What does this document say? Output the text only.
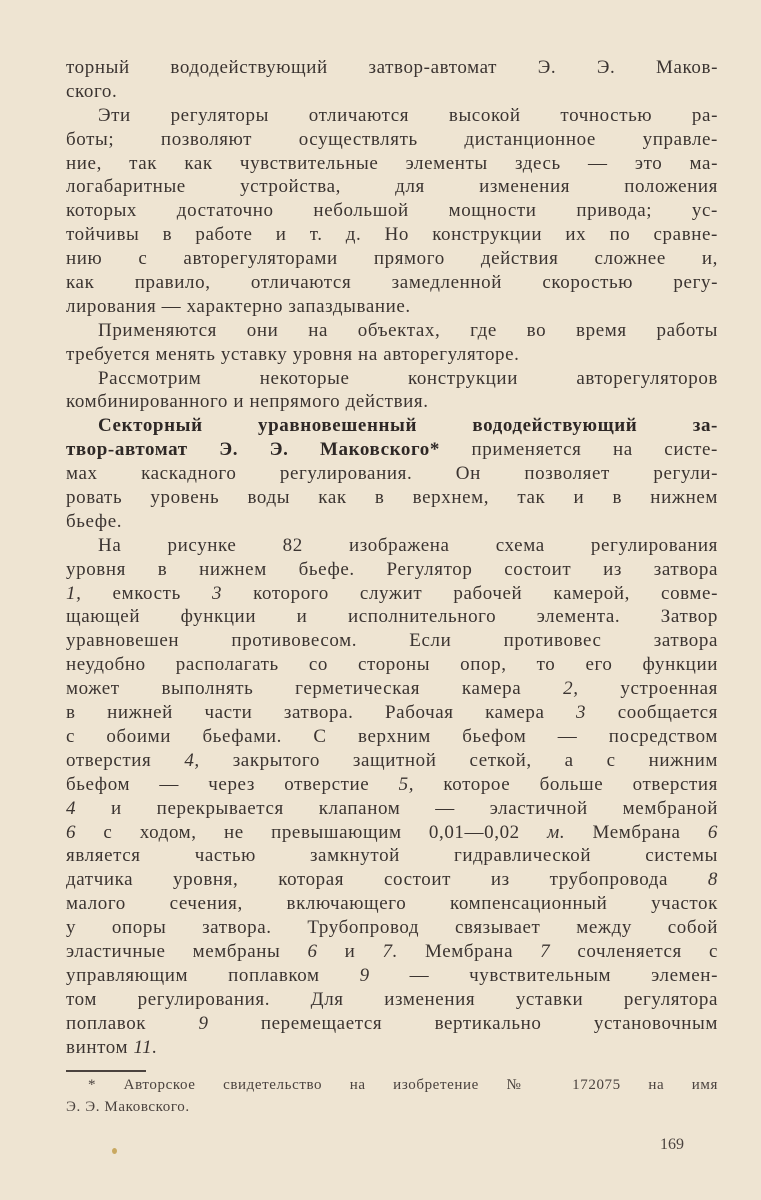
торный вододействующий затвор-автомат Э. Э. Маков-
ского.
Эти регуляторы отличаются высокой точностью ра-
боты; позволяют осуществлять дистанционное управле-
ние, так как чувствительные элементы здесь — это ма-
логабаритные устройства, для изменения положения
которых достаточно небольшой мощности привода; ус-
тойчивы в работе и т. д. Но конструкции их по сравне-
нию с авторегуляторами прямого действия сложнее и,
как правило, отличаются замедленной скоростью регу-
лирования — характерно запаздывание.
Применяются они на объектах, где во время работы
требуется менять уставку уровня на авторегуляторе.
Рассмотрим некоторые конструкции авторегуляторов
комбинированного и непрямого действия.
Секторный уравновешенный вододействующий за-
твор-автомат Э. Э. Маковского* применяется на систе-
мах каскадного регулирования. Он позволяет регули-
ровать уровень воды как в верхнем, так и в нижнем
бьефе.
На рисунке 82 изображена схема регулирования
уровня в нижнем бьефе. Регулятор состоит из затвора
1, емкость 3 которого служит рабочей камерой, совме-
щающей функции и исполнительного элемента. Затвор
уравновешен противовесом. Если противовес затвора
неудобно располагать со стороны опор, то его функции
может выполнять герметическая камера 2, устроенная
в нижней части затвора. Рабочая камера 3 сообщается
с обоими бьефами. С верхним бьефом — посредством
отверстия 4, закрытого защитной сеткой, а с нижним
бьефом — через отверстие 5, которое больше отверстия
4 и перекрывается клапаном — эластичной мембраной
6 с ходом, не превышающим 0,01—0,02 м. Мембрана 6
является частью замкнутой гидравлической системы
датчика уровня, которая состоит из трубопровода 8
малого сечения, включающего компенсационный участок
у опоры затвора. Трубопровод связывает между собой
эластичные мембраны 6 и 7. Мембрана 7 сочленяется с
управляющим поплавком 9 — чувствительным элемен-
том регулирования. Для изменения уставки регулятора
поплавок 9 перемещается вертикально установочным
винтом 11.
* Авторское свидетельство на изобретение № 172075 на имя
Э. Э. Маковского.
169
